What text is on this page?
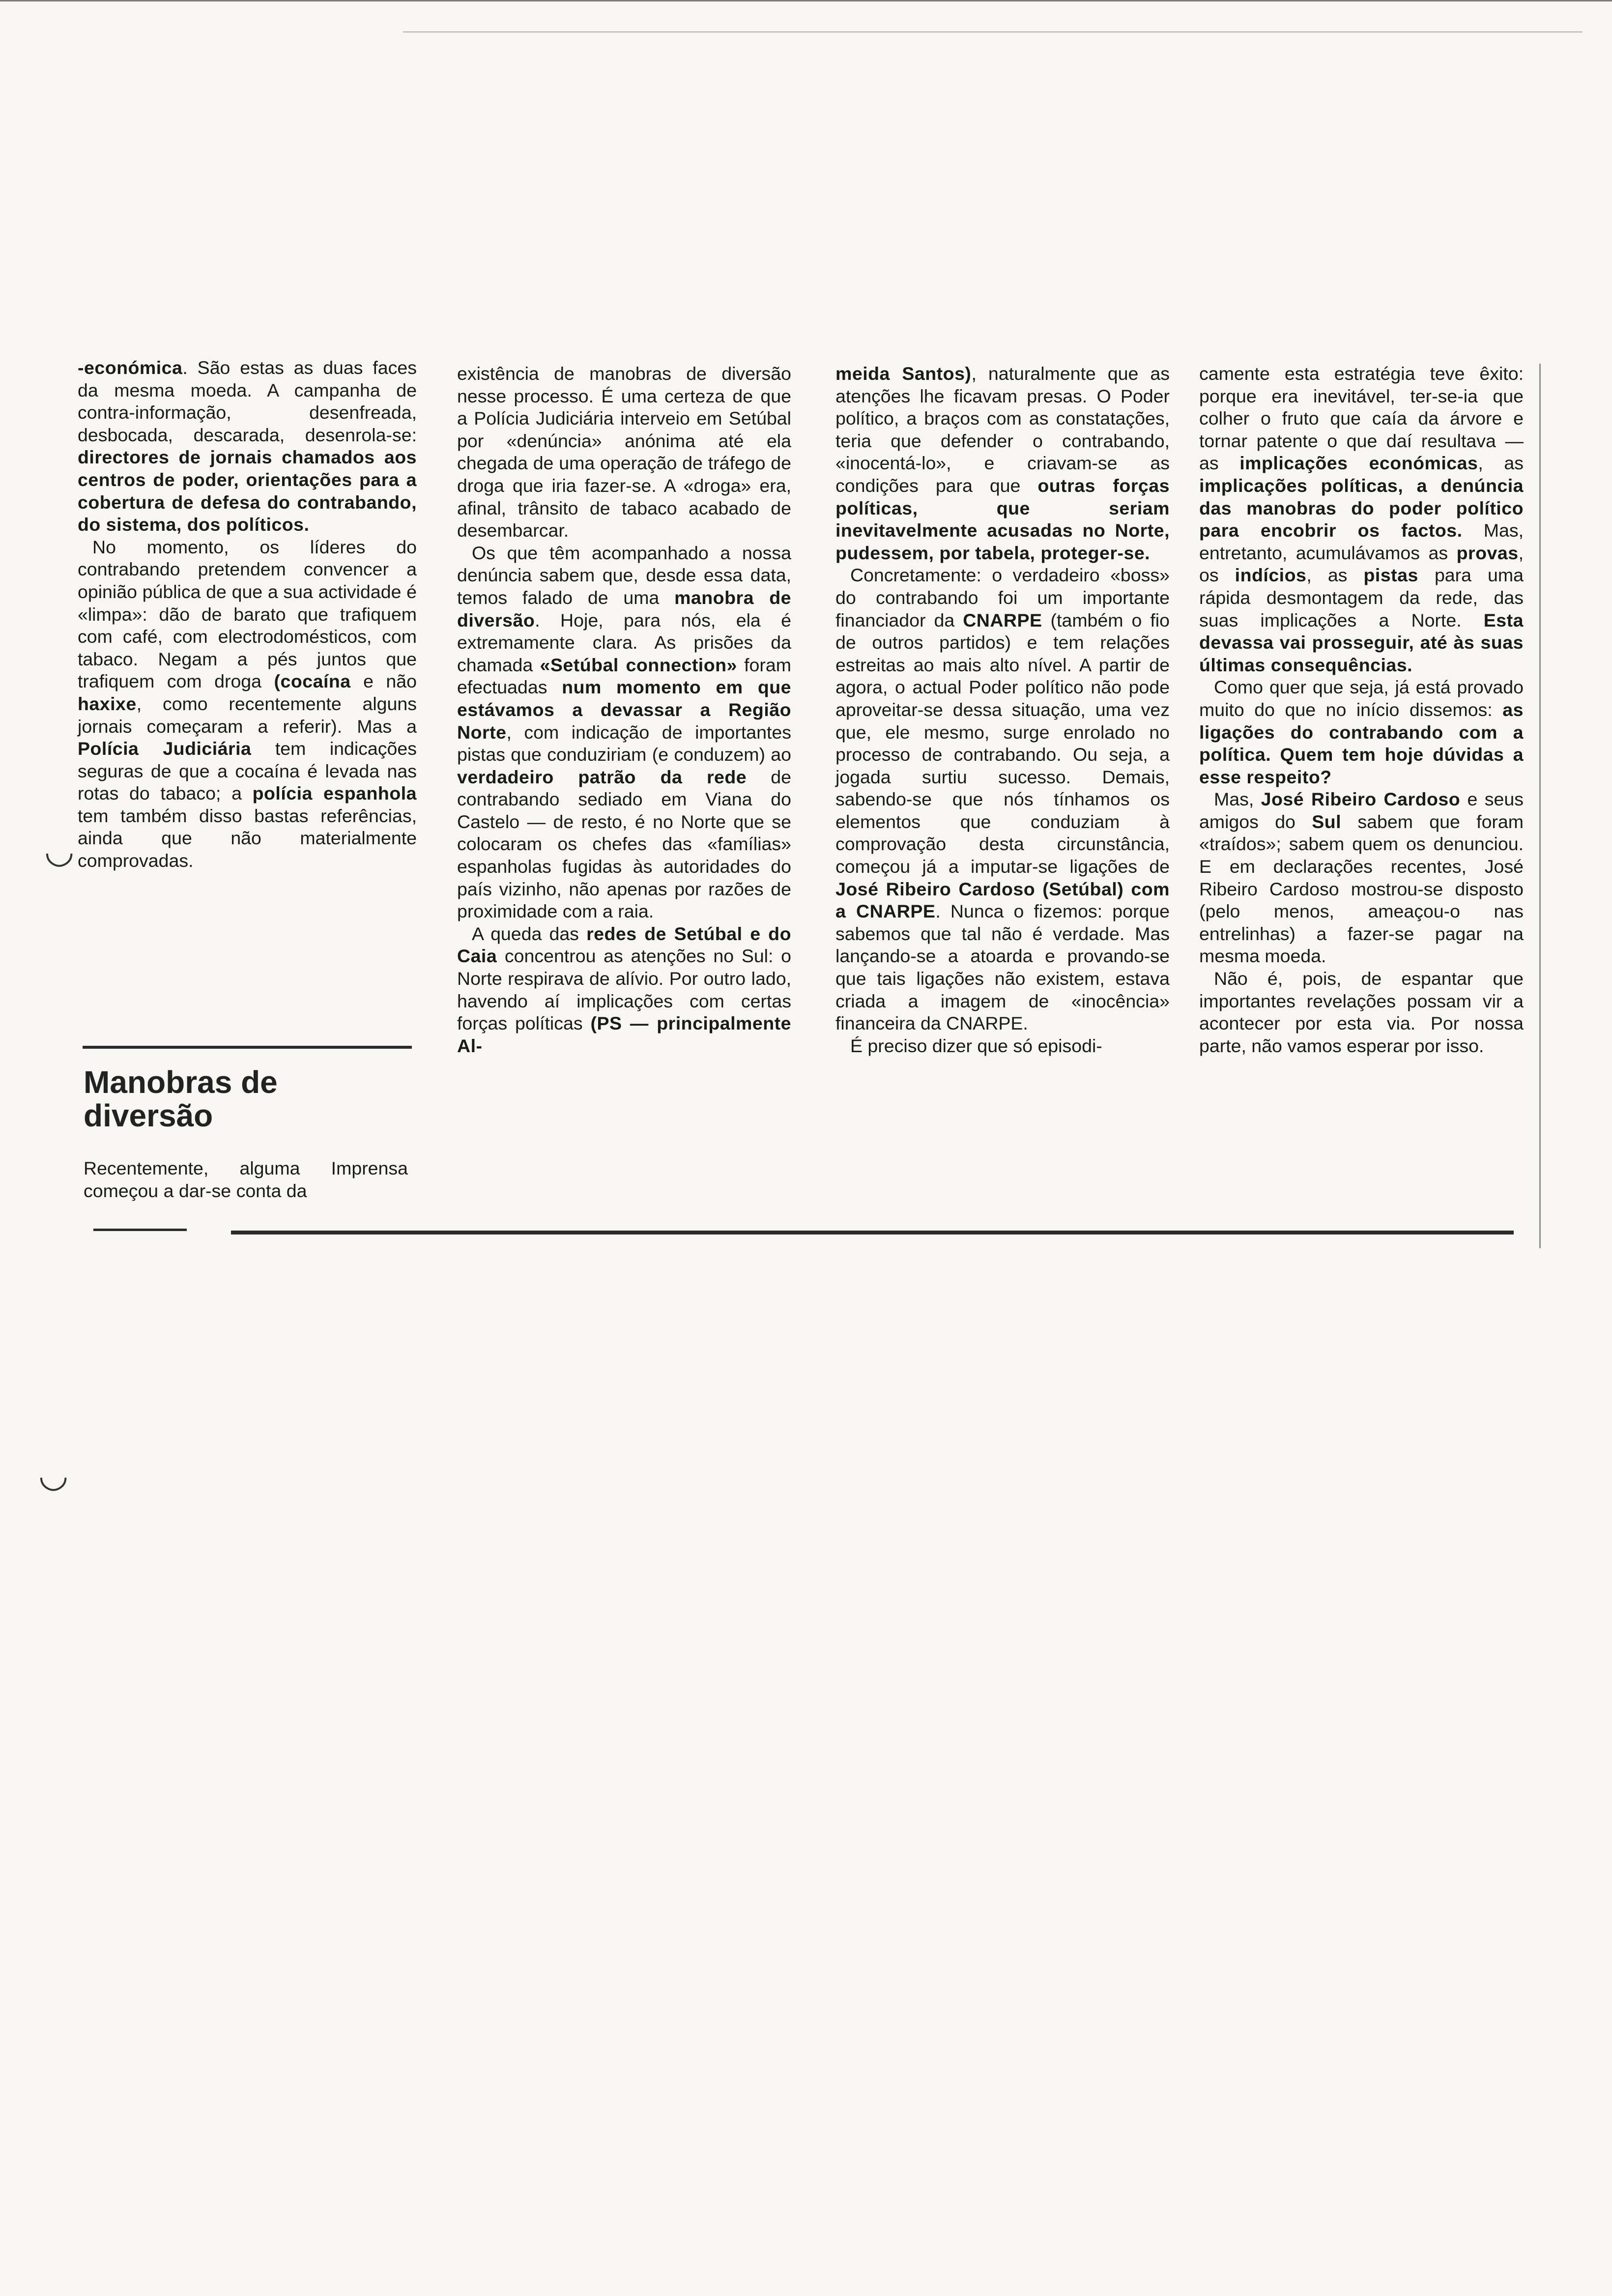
◡
◡

-económica. São estas as duas faces da mesma moeda. A campanha de contra-informação, desenfreada, desbocada, descarada, desenrola-se: directores de jornais chamados aos centros de poder, orientações para a cobertura de defesa do contrabando, do sistema, dos políticos.

No momento, os líderes do contrabando pretendem convencer a opinião pública de que a sua actividade é «limpa»: dão de barato que trafiquem com café, com electrodomésticos, com tabaco. Negam a pés juntos que trafiquem com droga (cocaína e não haxixe, como recentemente alguns jornais começaram a referir). Mas a Polícia Judiciária tem indicações seguras de que a cocaína é levada nas rotas do tabaco; a polícia espanhola tem também disso bastas referências, ainda que não materialmente comprovadas.

Manobras de diversão
Recentemente, alguma Imprensa começou a dar-se conta da

existência de manobras de diversão nesse processo. É uma certeza de que a Polícia Judiciária interveio em Setúbal por «denúncia» anónima até ela chegada de uma operação de tráfego de droga que iria fazer-se. A «droga» era, afinal, trânsito de tabaco acabado de desembarcar.

Os que têm acompanhado a nossa denúncia sabem que, desde essa data, temos falado de uma manobra de diversão. Hoje, para nós, ela é extremamente clara. As prisões da chamada «Setúbal connection» foram efectuadas num momento em que estávamos a devassar a Região Norte, com indicação de importantes pistas que conduziriam (e conduzem) ao verdadeiro patrão da rede de contrabando sediado em Viana do Castelo — de resto, é no Norte que se colocaram os chefes das «famílias» espanholas fugidas às autoridades do país vizinho, não apenas por razões de proximidade com a raia.

A queda das redes de Setúbal e do Caia concentrou as atenções no Sul: o Norte respirava de alívio. Por outro lado, havendo aí implicações com certas forças políticas (PS — principalmente Al-

meida Santos), naturalmente que as atenções lhe ficavam presas. O Poder político, a braços com as constatações, teria que defender o contrabando, «inocentá-lo», e criavam-se as condições para que outras forças políticas, que seriam inevitavelmente acusadas no Norte, pudessem, por tabela, proteger-se.

Concretamente: o verdadeiro «boss» do contrabando foi um importante financiador da CNARPE (também o fio de outros partidos) e tem relações estreitas ao mais alto nível. A partir de agora, o actual Poder político não pode aproveitar-se dessa situação, uma vez que, ele mesmo, surge enrolado no processo de contrabando. Ou seja, a jogada surtiu sucesso. Demais, sabendo-se que nós tínhamos os elementos que conduziam à comprovação desta circunstância, começou já a imputar-se ligações de José Ribeiro Cardoso (Setúbal) com a CNARPE. Nunca o fizemos: porque sabemos que tal não é verdade. Mas lançando-se a atoarda e provando-se que tais ligações não existem, estava criada a imagem de «inocência» financeira da CNARPE.

É preciso dizer que só episodi-

camente esta estratégia teve êxito: porque era inevitável, ter-se-ia que colher o fruto que caía da árvore e tornar patente o que daí resultava — as implicações económicas, as implicações políticas, a denúncia das manobras do poder político para encobrir os factos. Mas, entretanto, acumulávamos as provas, os indícios, as pistas para uma rápida desmontagem da rede, das suas implicações a Norte. Esta devassa vai prosseguir, até às suas últimas consequências.

Como quer que seja, já está provado muito do que no início dissemos: as ligações do contrabando com a política. Quem tem hoje dúvidas a esse respeito?

Mas, José Ribeiro Cardoso e seus amigos do Sul sabem que foram «traídos»; sabem quem os denunciou. E em declarações recentes, José Ribeiro Cardoso mostrou-se disposto (pelo menos, ameaçou-o nas entrelinhas) a fazer-se pagar na mesma moeda.

Não é, pois, de espantar que importantes revelações possam vir a acontecer por esta via. Por nossa parte, não vamos esperar por isso.
